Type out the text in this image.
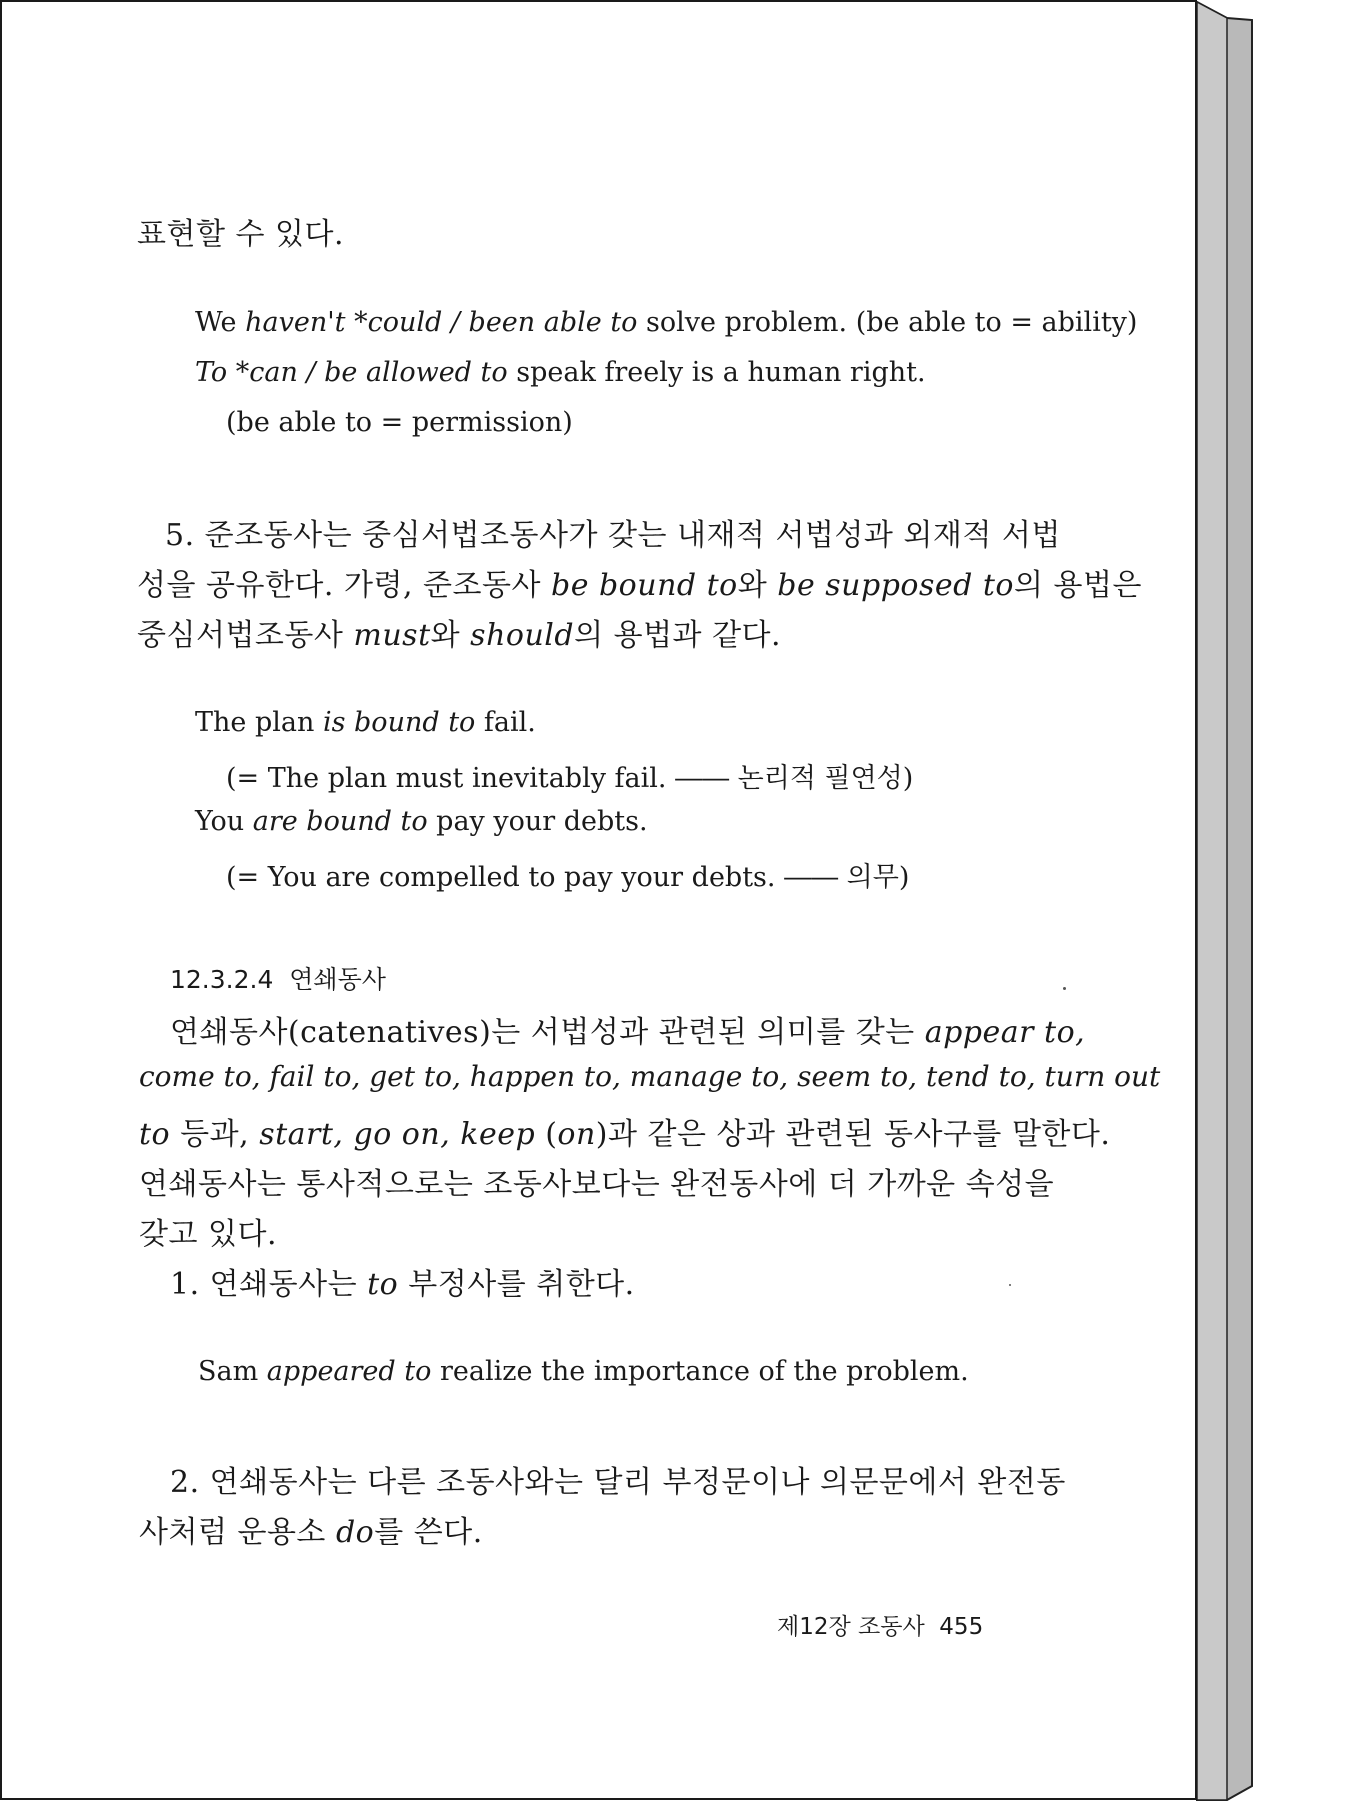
표현할 수 있다.
We haven't *could / been able to solve problem. (be able to = ability)
To *can / be allowed to speak freely is a human right.
(be able to = permission)
5. 준조동사는 중심서법조동사가 갖는 내재적 서법성과 외재적 서법
성을 공유한다. 가령, 준조동사 be bound to와 be supposed to의 용법은
중심서법조동사 must와 should의 용법과 같다.
The plan is bound to fail.
(= The plan must inevitably fail. ―― 논리적 필연성)
You are bound to pay your debts.
(= You are compelled to pay your debts. ―― 의무)
12.3.2.4 연쇄동사
연쇄동사(catenatives)는 서법성과 관련된 의미를 갖는 appear to,
come to, fail to, get to, happen to, manage to, seem to, tend to, turn out
to 등과, start, go on, keep (on)과 같은 상과 관련된 동사구를 말한다.
연쇄동사는 통사적으로는 조동사보다는 완전동사에 더 가까운 속성을
갖고 있다.
1. 연쇄동사는 to 부정사를 취한다.
Sam appeared to realize the importance of the problem.
2. 연쇄동사는 다른 조동사와는 달리 부정문이나 의문문에서 완전동
사처럼 운용소 do를 쓴다.
제12장 조동사 455
